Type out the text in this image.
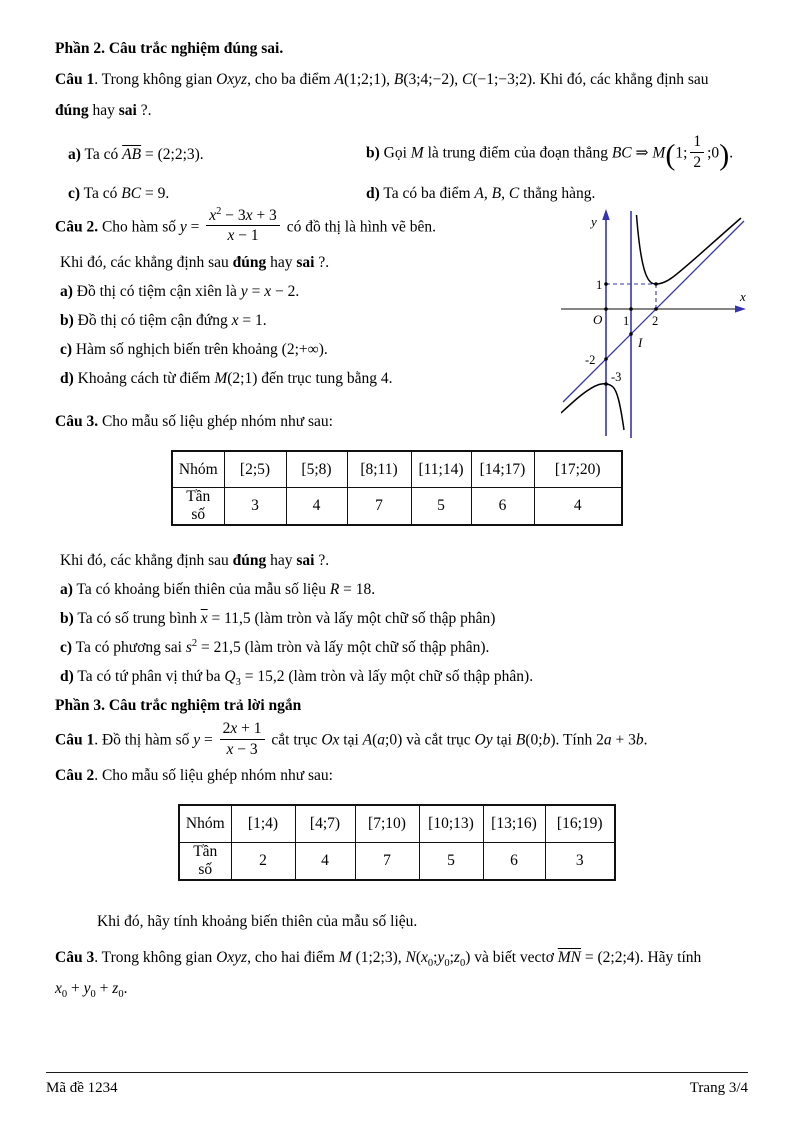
Phần 2. Câu trắc nghiệm đúng sai.
Câu 1. Trong không gian Oxyz, cho ba điểm A(1;2;1), B(3;4;−2), C(−1;−3;2). Khi đó, các khẳng định sau đúng hay sai ?.
a) Ta có $\overline{AB}$ = (2;2;3).	b) Gọi M là trung điểm của đoạn thẳng BC ⇒ M(1; $\frac{1}{2}$ ;0).
c) Ta có BC = 9.	d) Ta có ba điểm A, B, C thẳng hàng.
Câu 2. Cho hàm số $y = \frac{x^2 - 3x + 3}{x - 1}$ có đồ thị là hình vẽ bên.
Khi đó, các khẳng định sau đúng hay sai ?.
a) Đồ thị có tiệm cận xiên là y = x − 2.
b) Đồ thị có tiệm cận đứng x = 1.
c) Hàm số nghịch biến trên khoảng (2;+∞).
d) Khoảng cách từ điểm M(2;1) đến trục tung bằng 4.
y
x
O 1 2
1
-2
-3
I
Câu 3. Cho mẫu số liệu ghép nhóm như sau:
Nhóm	[2;5)	[5;8)	[8;11)	[11;14)	[14;17)	[17;20)
Tần số	3	4	7	5	6	4
Khi đó, các khẳng định sau đúng hay sai ?.
a) Ta có khoảng biến thiên của mẫu số liệu R = 18.
b) Ta có số trung bình $\overline{x} = 11,5$ (làm tròn và lấy một chữ số thập phân)
c) Ta có phương sai $s^2 = 21,5$ (làm tròn và lấy một chữ số thập phân).
d) Ta có tứ phân vị thứ ba $Q_3 = 15,2$ (làm tròn và lấy một chữ số thập phân).
Phần 3. Câu trắc nghiệm trả lời ngắn
Câu 1. Đồ thị hàm số $y = \frac{2x + 1}{x - 3}$ cắt trục Ox tại A(a;0) và cắt trục Oy tại B(0;b). Tính 2a + 3b.
Câu 2. Cho mẫu số liệu ghép nhóm như sau:
Nhóm	[1;4)	[4;7)	[7;10)	[10;13)	[13;16)	[16;19)
Tần số	2	4	7	5	6	3
Khi đó, hãy tính khoảng biến thiên của mẫu số liệu.
Câu 3. Trong không gian Oxyz, cho hai điểm M (1;2;3), $N(x_0;y_0;z_0)$ và biết vectơ $\overline{MN}$ = (2;2;4). Hãy tính
$x_0 + y_0 + z_0$.
Mã đề 1234	Trang 3/4
